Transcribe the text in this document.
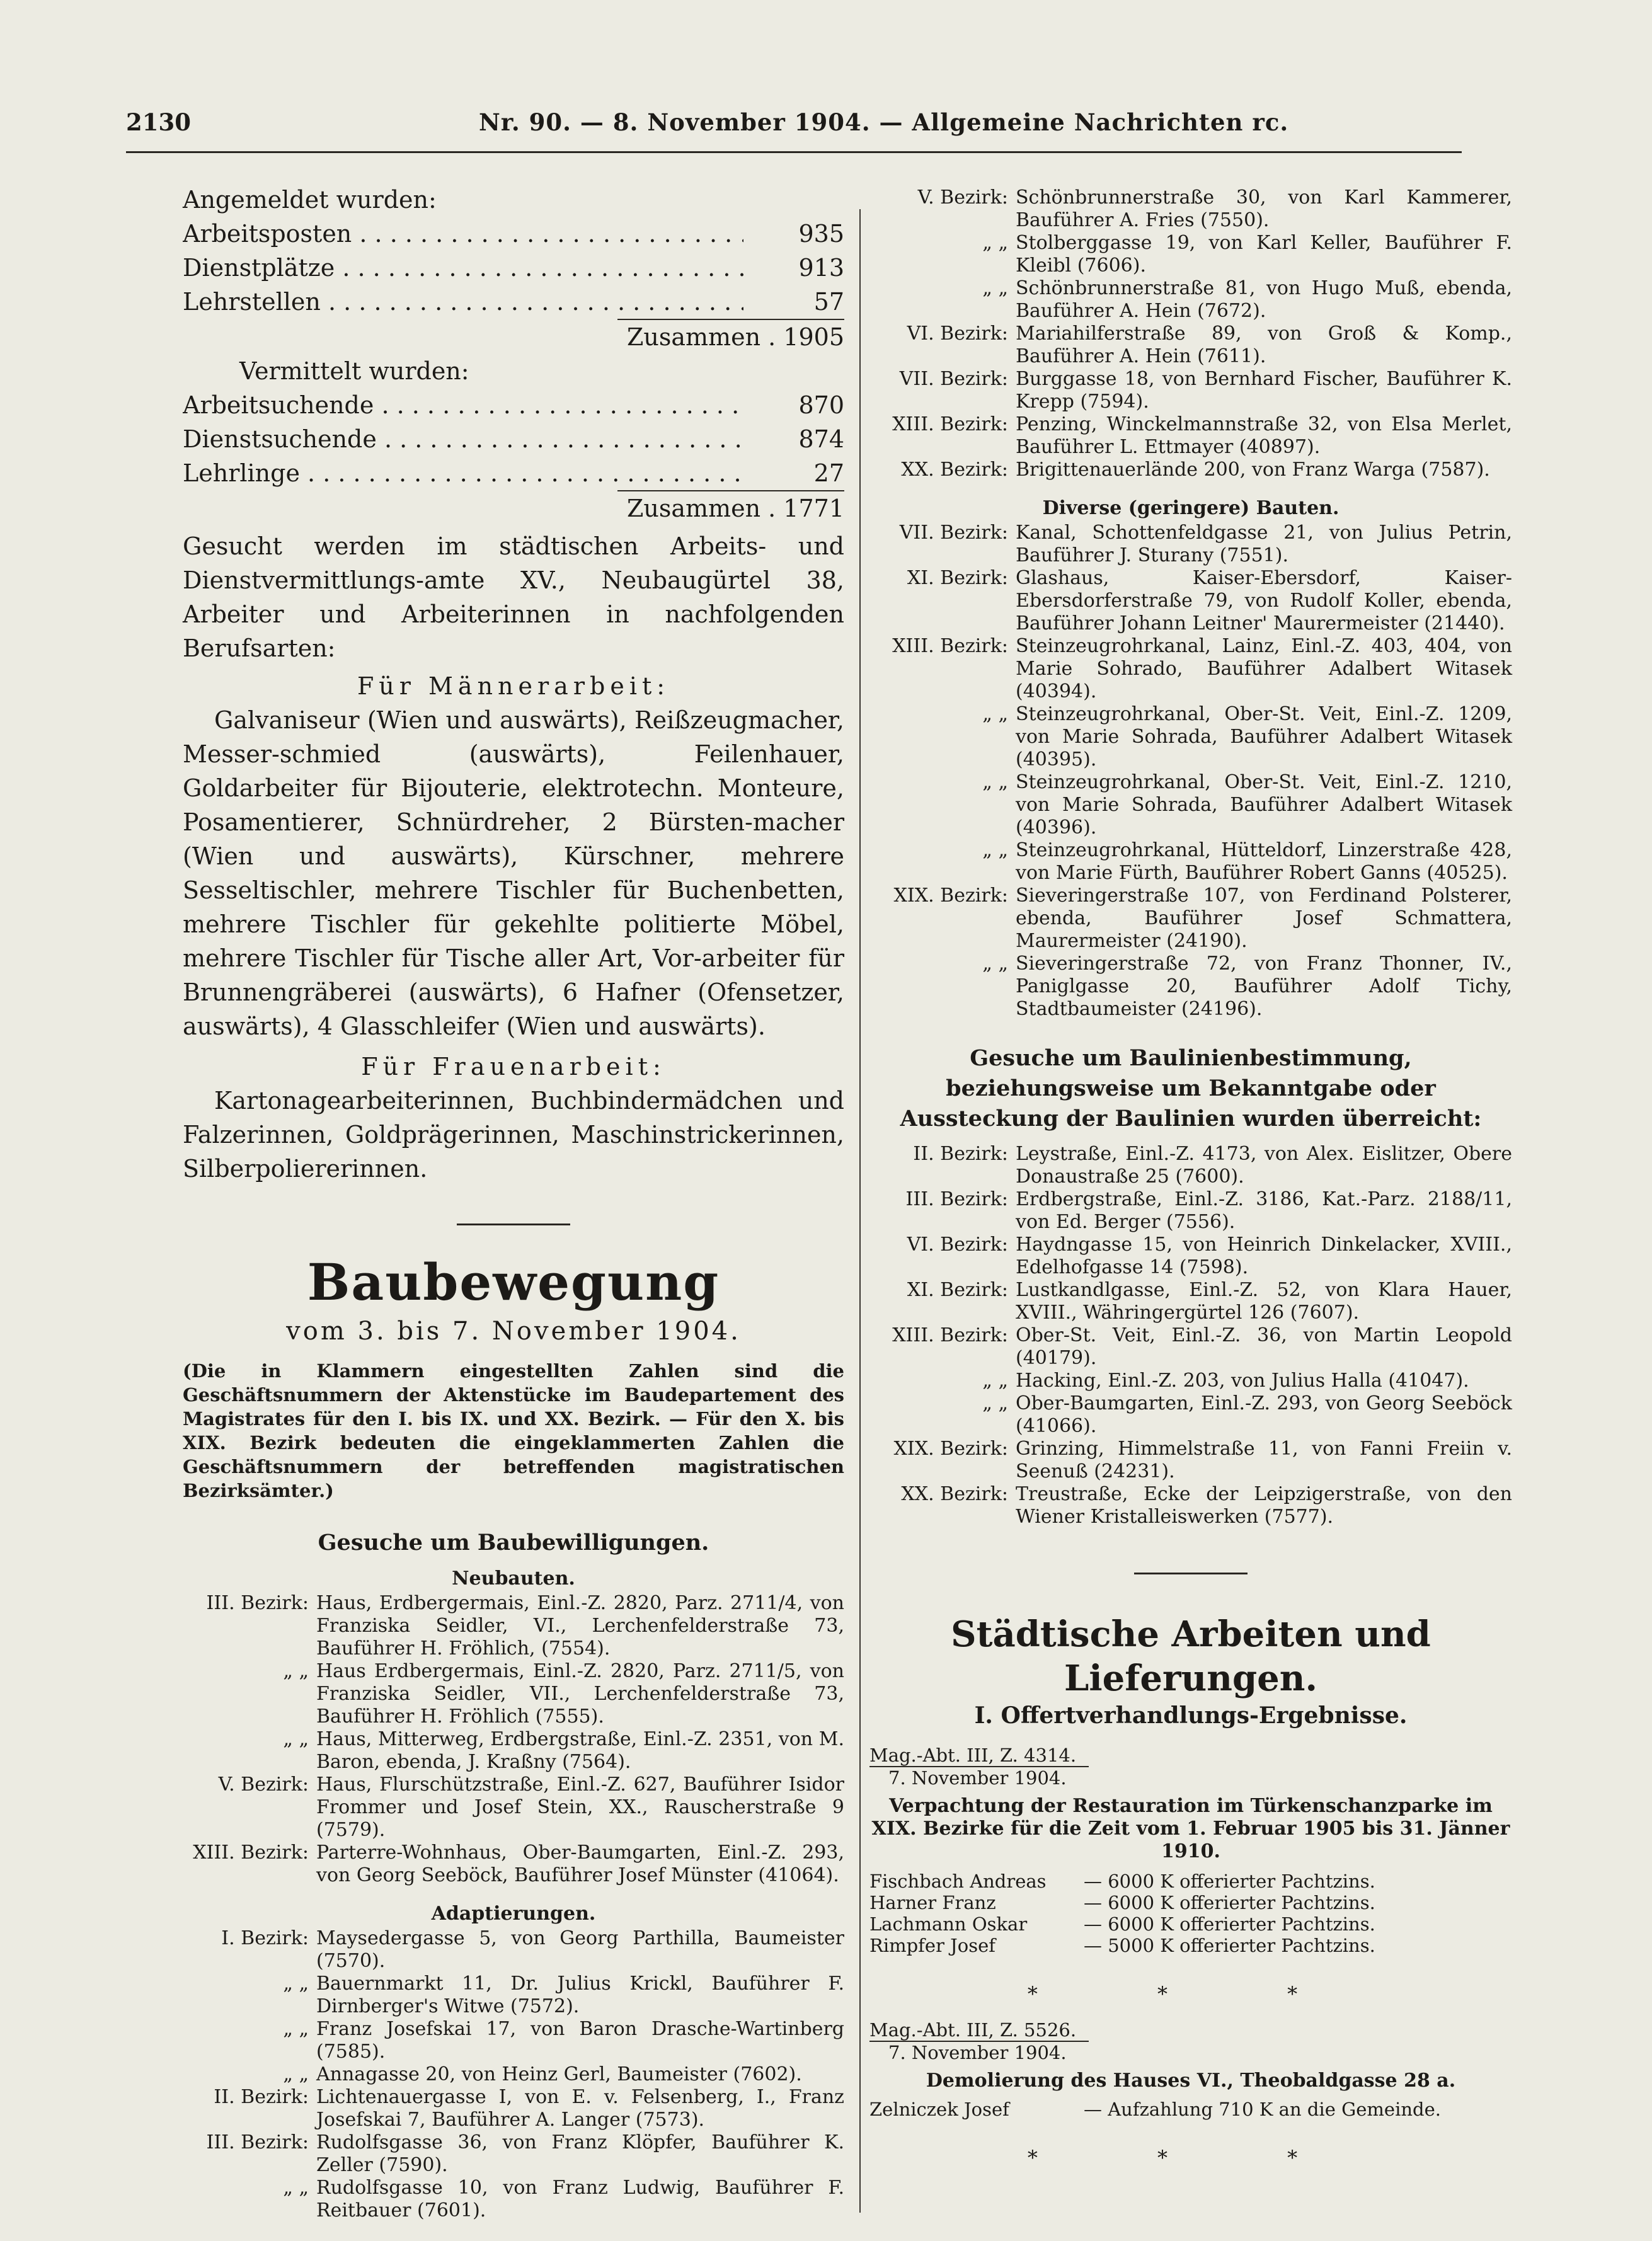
2130	Nr. 90. — 8. November 1904. — Allgemeine Nachrichten rc.
Angemeldet wurden:
Arbeitsposten . . .	935
Dienstplätze . . .	913
Lehrstellen . . .	57
Zusammen . 1905
Vermittelt wurden:
Arbeitsuchende . . .	870
Dienstsuchende . . .	874
Lehrlinge . . .	27
Zusammen . 1771
Gesucht werden im städtischen Arbeits- und Dienstvermittlungs-amte XV., Neubaugürtel 38, Arbeiter und Arbeiterinnen in nachfolgenden Berufsarten:
Für Männerarbeit:
Galvaniseur (Wien und auswärts), Reißzeugmacher, Messer-schmied (auswärts), Feilenhauer, Goldarbeiter für Bijouterie, elektrotechn. Monteure, Posamentierer, Schnürdreher, 2 Bürsten-macher (Wien und auswärts), Kürschner, mehrere Sesseltischler, mehrere Tischler für Buchenbetten, mehrere Tischler für gekehlte politierte Möbel, mehrere Tischler für Tische aller Art, Vor-arbeiter für Brunnengräberei (auswärts), 6 Hafner (Ofensetzer, auswärts), 4 Glasschleifer (Wien und auswärts).
Für Frauenarbeit:
Kartonagearbeiterinnen, Buchbindermädchen und Falzerinnen, Goldprägerinnen, Maschinstrickerinnen, Silberpoliererinnen.
Baubewegung
vom 3. bis 7. November 1904.
(Die in Klammern eingestellten Zahlen sind die Geschäftsnummern der Aktenstücke im Baudepartement des Magistrates für den I. bis IX. und XX. Bezirk. — Für den X. bis XIX. Bezirk bedeuten die eingeklammerten Zahlen die Geschäftsnummern der betreffenden magistratischen Bezirksämter.)
Gesuche um Baubewilligungen.
Neubauten.
III. Bezirk: Haus, Erdbergermais, Einl.-Z. 2820, Parz. 2711/4, von Franziska Seidler, VI., Lerchenfelderstraße 73, Bauführer H. Fröhlich, (7554).
„ „ Haus Erdbergermais, Einl.-Z. 2820, Parz. 2711/5, von Franziska Seidler, VII., Lerchenfelderstraße 73, Bauführer H. Fröhlich (7555).
„ „ Haus, Mitterweg, Erdbergstraße, Einl.-Z. 2351, von M. Baron, ebenda, J. Kraßny (7564).
V. Bezirk: Haus, Flurschützstraße, Einl.-Z. 627, Bauführer Isidor Frommer und Josef Stein, XX., Rauscherstraße 9 (7579).
XIII. Bezirk: Parterre-Wohnhaus, Ober-Baumgarten, Einl.-Z. 293, von Georg Seeböck, Bauführer Josef Münster (41064).
Adaptierungen.
I. Bezirk: Maysedergasse 5, von Georg Parthilla, Baumeister (7570).
„ „ Bauernmarkt 11, Dr. Julius Krickl, Bauführer F. Dirnberger's Witwe (7572).
„ „ Franz Josefskai 17, von Baron Drasche-Wartinberg (7585).
„ „ Annagasse 20, von Heinz Gerl, Baumeister (7602).
II. Bezirk: Lichtenauergasse I, von E. v. Felsenberg, I., Franz Josefskai 7, Bauführer A. Langer (7573).
III. Bezirk: Rudolfsgasse 36, von Franz Klöpfer, Bauführer K. Zeller (7590).
„ „ Rudolfsgasse 10, von Franz Ludwig, Bauführer F. Reitbauer (7601).
V. Bezirk: Schönbrunnerstraße 30, von Karl Kammerer, Bauführer A. Fries (7550).
„ „ Stolberggasse 19, von Karl Keller, Bauführer F. Kleibl (7606).
„ „ Schönbrunnerstraße 81, von Hugo Muß, ebenda, Bauführer A. Hein (7672).
VI. Bezirk: Mariahilferstraße 89, von Groß & Komp., Bauführer A. Hein (7611).
VII. Bezirk: Burggasse 18, von Bernhard Fischer, Bauführer K. Krepp (7594).
XIII. Bezirk: Penzing, Winckelmannstraße 32, von Elsa Merlet, Bauführer L. Ettmayer (40897).
XX. Bezirk: Brigittenauerlände 200, von Franz Warga (7587).
Diverse (geringere) Bauten.
VII. Bezirk: Kanal, Schottenfeldgasse 21, von Julius Petrin, Bauführer J. Sturany (7551).
XI. Bezirk: Glashaus, Kaiser-Ebersdorf, Kaiser-Ebersdorferstraße 79, von Rudolf Koller, ebenda, Bauführer Johann Leitner' Maurermeister (21440).
XIII. Bezirk: Steinzeugrohrkanal, Lainz, Einl.-Z. 403, 404, von Marie Sohrado, Bauführer Adalbert Witasek (40394).
„ „ Steinzeugrohrkanal, Ober-St. Veit, Einl.-Z. 1209, von Marie Sohrada, Bauführer Adalbert Witasek (40395).
„ „ Steinzeugrohrkanal, Ober-St. Veit, Einl.-Z. 1210, von Marie Sohrada, Bauführer Adalbert Witasek (40396).
„ „ Steinzeugrohrkanal, Hütteldorf, Linzerstraße 428, von Marie Fürth, Bauführer Robert Ganns (40525).
XIX. Bezirk: Sieveringerstraße 107, von Ferdinand Polsterer, ebenda, Bauführer Josef Schmattera, Maurermeister (24190).
„ „ Sieveringerstraße 72, von Franz Thonner, IV., Paniglgasse 20, Bauführer Adolf Tichy, Stadtbaumeister (24196).
Gesuche um Baulinienbestimmung, beziehungsweise um Bekanntgabe oder Aussteckung der Baulinien wurden überreicht:
II. Bezirk: Leystraße, Einl.-Z. 4173, von Alex. Eislitzer, Obere Donaustraße 25 (7600).
III. Bezirk: Erdbergstraße, Einl.-Z. 3186, Kat.-Parz. 2188/11, von Ed. Berger (7556).
VI. Bezirk: Haydngasse 15, von Heinrich Dinkelacker, XVIII., Edelhofgasse 14 (7598).
XI. Bezirk: Lustkandlgasse, Einl.-Z. 52, von Klara Hauer, XVIII., Währingergürtel 126 (7607).
XIII. Bezirk: Ober-St. Veit, Einl.-Z. 36, von Martin Leopold (40179).
„ „ Hacking, Einl.-Z. 203, von Julius Halla (41047).
„ „ Ober-Baumgarten, Einl.-Z. 293, von Georg Seeböck (41066).
XIX. Bezirk: Grinzing, Himmelstraße 11, von Fanni Freiin v. Seenuß (24231).
XX. Bezirk: Treustraße, Ecke der Leipzigerstraße, von den Wiener Kristalleiswerken (7577).
Städtische Arbeiten und Lieferungen.
I. Offertverhandlungs-Ergebnisse.
Mag.-Abt. III, Z. 4314.
7. November 1904.
Verpachtung der Restauration im Türkenschanzparke im XIX. Bezirke für die Zeit vom 1. Februar 1905 bis 31. Jänner 1910.
Fischbach Andreas	— 6000 K offerierter Pachtzins.
Harner Franz	— 6000 K offerierter Pachtzins.
Lachmann Oskar	— 6000 K offerierter Pachtzins.
Rimpfer Josef	— 5000 K offerierter Pachtzins.
* * *
Mag.-Abt. III, Z. 5526.
7. November 1904.
Demolierung des Hauses VI., Theobaldgasse 28 a.
Zelniczek Josef	— Aufzahlung 710 K an die Gemeinde.
* * *
